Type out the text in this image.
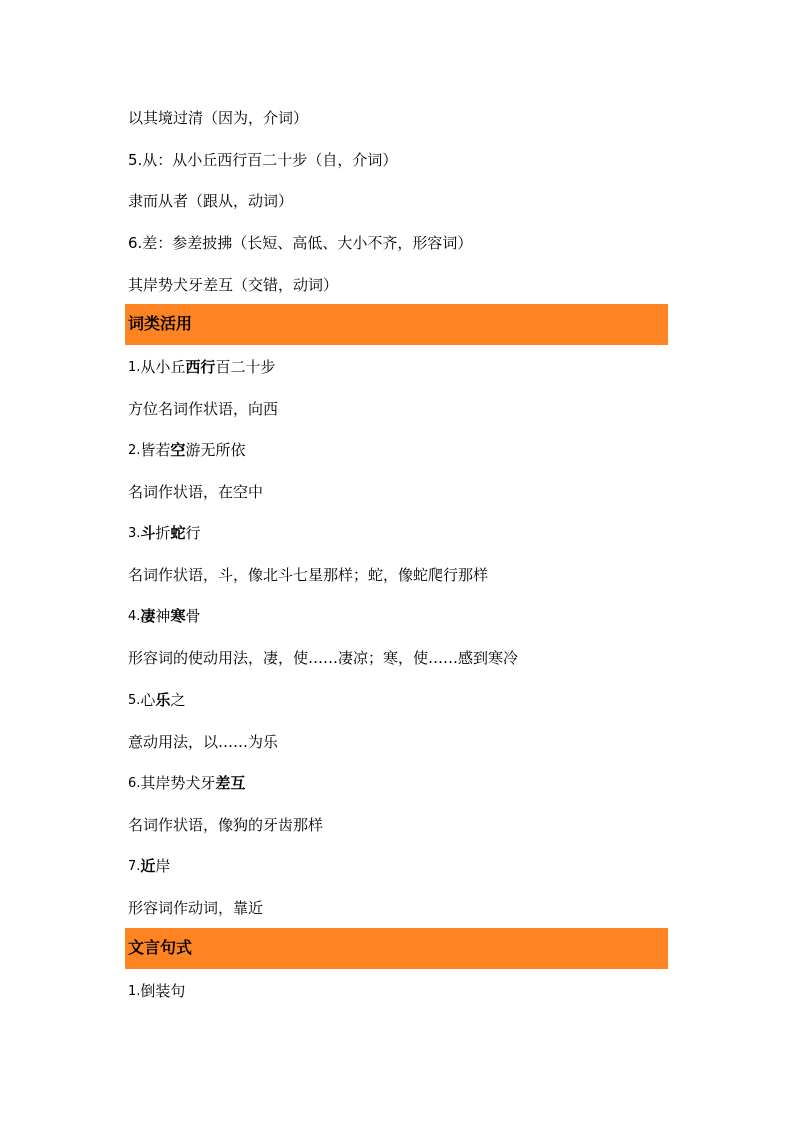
以其境过清（因为，介词）
5.从：从小丘西行百二十步（自，介词）
隶而从者（跟从，动词）
6.差：参差披拂（长短、高低、大小不齐，形容词）
其岸势犬牙差互（交错，动词）
词类活用
1.从小丘西行百二十步
方位名词作状语，向西
2.皆若空游无所依
名词作状语，在空中
3.斗折蛇行
名词作状语，斗，像北斗七星那样；蛇，像蛇爬行那样
4.凄神寒骨
形容词的使动用法，凄，使……凄凉；寒，使……感到寒冷
5.心乐之
意动用法，以……为乐
6.其岸势犬牙差互
名词作状语，像狗的牙齿那样
7.近岸
形容词作动词，靠近
文言句式
1.倒装句
